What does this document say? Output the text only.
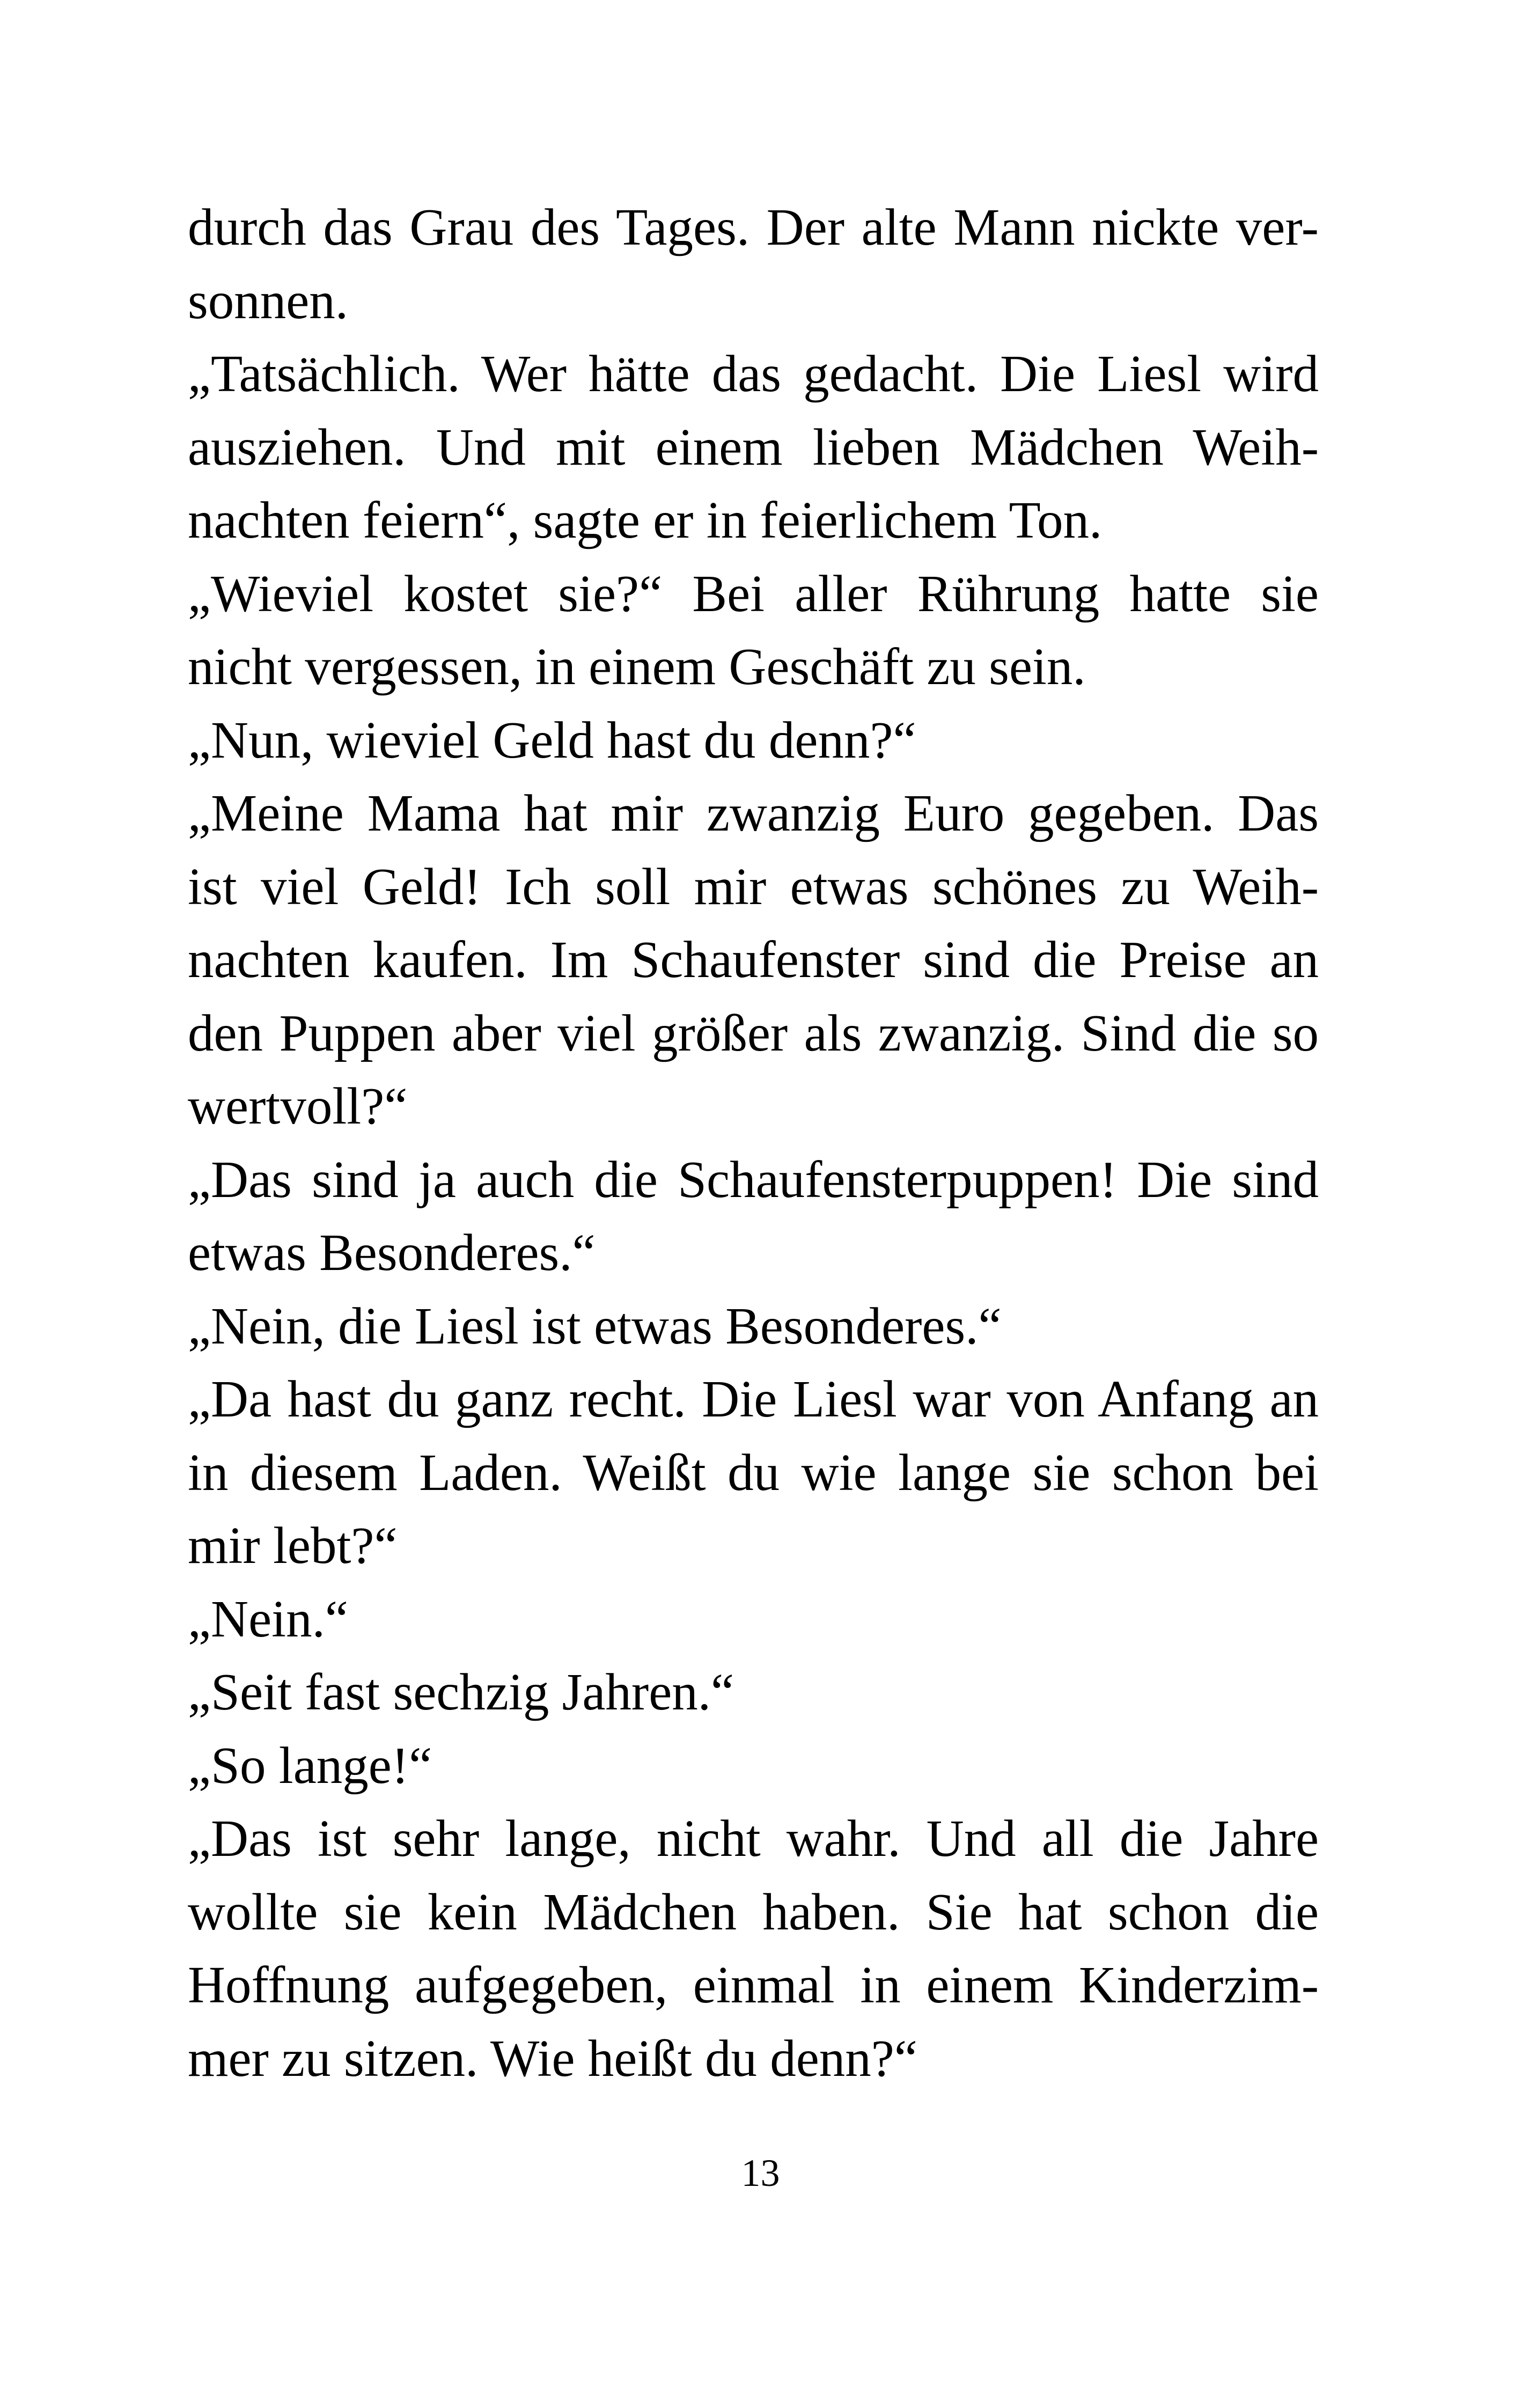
durch das Grau des Tages. Der alte Mann nickte ver-
sonnen.
„Tatsächlich. Wer hätte das gedacht. Die Liesl wird
ausziehen. Und mit einem lieben Mädchen Weih-
nachten feiern“, sagte er in feierlichem Ton.
„Wieviel kostet sie?“ Bei aller Rührung hatte sie
nicht vergessen, in einem Geschäft zu sein.
„Nun, wieviel Geld hast du denn?“
„Meine Mama hat mir zwanzig Euro gegeben. Das
ist viel Geld! Ich soll mir etwas schönes zu Weih-
nachten kaufen. Im Schaufenster sind die Preise an
den Puppen aber viel größer als zwanzig. Sind die so
wertvoll?“
„Das sind ja auch die Schaufensterpuppen! Die sind
etwas Besonderes.“
„Nein, die Liesl ist etwas Besonderes.“
„Da hast du ganz recht. Die Liesl war von Anfang an
in diesem Laden. Weißt du wie lange sie schon bei
mir lebt?“
„Nein.“
„Seit fast sechzig Jahren.“
„So lange!“
„Das ist sehr lange, nicht wahr. Und all die Jahre
wollte sie kein Mädchen haben. Sie hat schon die
Hoffnung aufgegeben, einmal in einem Kinderzim-
mer zu sitzen. Wie heißt du denn?“
13
